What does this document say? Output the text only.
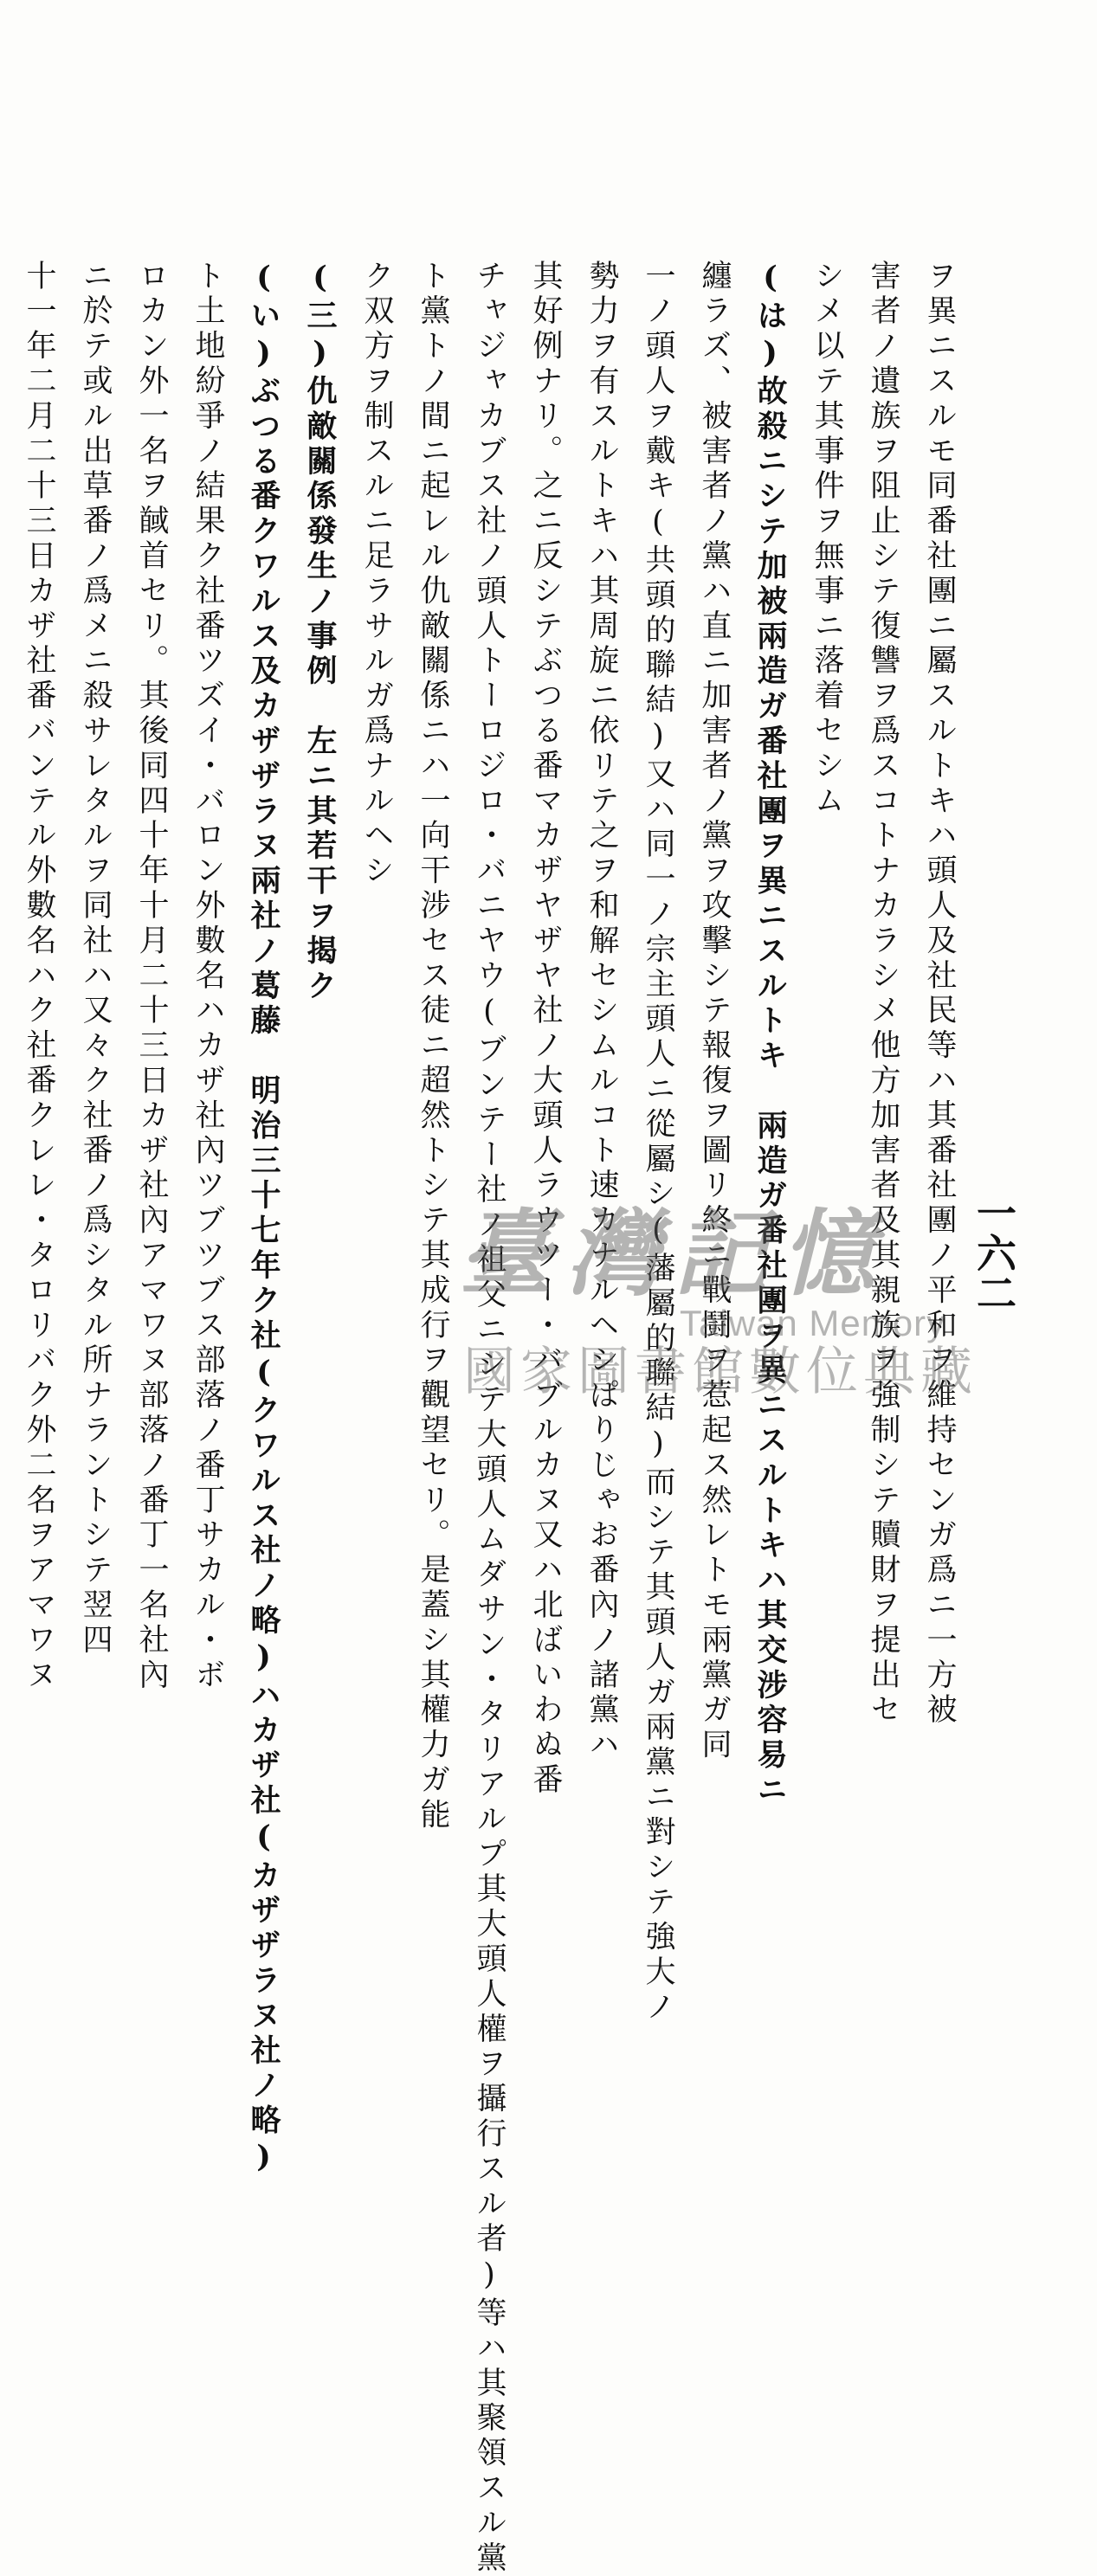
一六二
ヲ異ニスルモ同番社團ニ屬スルトキハ頭人及社民等ハ其番社團ノ平和ヲ維持センガ爲ニ一方被
害者ノ遺族ヲ阻止シテ復讐ヲ爲スコトナカラシメ他方加害者及其親族ヲ強制シテ贖財ヲ提出セ
シメ以テ其事件ヲ無事ニ落着セシム
(は)故殺ニシテ加被兩造ガ番社團ヲ異ニスルトキ　兩造ガ番社團ヲ異ニスルトキハ其交涉容易ニ
纏ラズ、被害者ノ黨ハ直ニ加害者ノ黨ヲ攻擊シテ報復ヲ圖リ終ニ戰鬪ヲ惹起ス然レトモ兩黨ガ同
一ノ頭人ヲ戴キ(共頭的聯結)又ハ同一ノ宗主頭人ニ從屬シ(藩屬的聯結)而シテ其頭人ガ兩黨ニ對シテ強大ノ
勢力ヲ有スルトキハ其周旋ニ依リテ之ヲ和解セシムルコト速カナルヘシぱりじゃお番內ノ諸黨ハ
其好例ナリ。之ニ反シテぶつる番マカザヤザヤ社ノ大頭人ラウツー・バブルカヌ又ハ北ばいわぬ番
チャジャカブス社ノ頭人トーロジロ・バニヤウ(ブンテー社ノ祖父ニシテ大頭人ムダサン・タリアルプ其大頭人權ヲ攝行スル者)等ハ其聚領スル黨
ト黨トノ間ニ起レル仇敵關係ニハ一向干涉セス徒ニ超然トシテ其成行ヲ觀望セリ。是蓋シ其權力ガ能
ク双方ヲ制スルニ足ラサルガ爲ナルヘシ
(三)仇敵關係發生ノ事例　左ニ其若干ヲ揭ク
(い)ぶつる番クワルス及カザザラヌ兩社ノ葛藤　明治三十七年ク社(クワルス社ノ略)ハカザ社(カザザラヌ社ノ略)
ト土地紛爭ノ結果ク社番ツズイ・バロン外數名ハカザ社內ツブツブス部落ノ番丁サカル・ボ
ロカン外一名ヲ馘首セリ。其後同四十年十月二十三日カザ社內アマワヌ部落ノ番丁一名社內
ニ於テ或ル出草番ノ爲メニ殺サレタルヲ同社ハ又々ク社番ノ爲シタル所ナラントシテ翌四
十一年二月二十三日カザ社番バンテル外數名ハク社番クレレ・タロリバク外二名ヲアマワヌ	臺灣記憶
Taiwan Memory
國家圖書館數位典藏
